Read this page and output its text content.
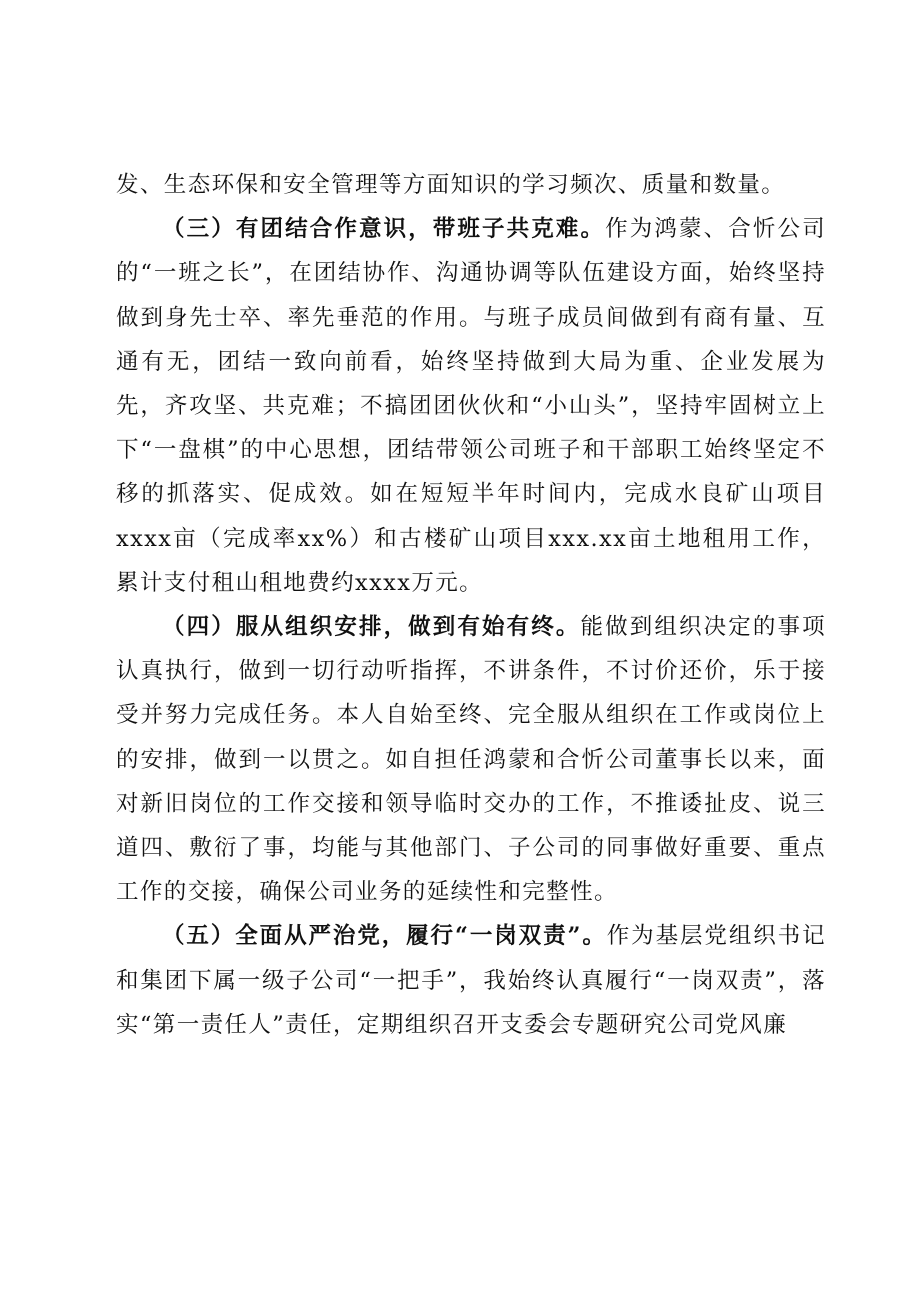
发、生态环保和安全管理等方面知识的学习频次、质量和数量。

（三）有团结合作意识，带班子共克难。作为鸿蒙、合忻公司的“一班之长”，在团结协作、沟通协调等队伍建设方面，始终坚持做到身先士卒、率先垂范的作用。与班子成员间做到有商有量、互通有无，团结一致向前看，始终坚持做到大局为重、企业发展为先，齐攻坚、共克难；不搞团团伙伙和“小山头”，坚持牢固树立上下“一盘棋”的中心思想，团结带领公司班子和干部职工始终坚定不移的抓落实、促成效。如在短短半年时间内，完成水良矿山项目xxxx亩（完成率xx%）和古楼矿山项目xxx.xx亩土地租用工作，累计支付租山租地费约xxxx万元。

（四）服从组织安排，做到有始有终。能做到组织决定的事项认真执行，做到一切行动听指挥，不讲条件，不讨价还价，乐于接受并努力完成任务。本人自始至终、完全服从组织在工作或岗位上的安排，做到一以贯之。如自担任鸿蒙和合忻公司董事长以来，面对新旧岗位的工作交接和领导临时交办的工作，不推诿扯皮、说三道四、敷衍了事，均能与其他部门、子公司的同事做好重要、重点工作的交接，确保公司业务的延续性和完整性。

（五）全面从严治党，履行“一岗双责”。作为基层党组织书记和集团下属一级子公司“一把手”，我始终认真履行“一岗双责”，落实“第一责任人”责任，定期组织召开支委会专题研究公司党风廉
